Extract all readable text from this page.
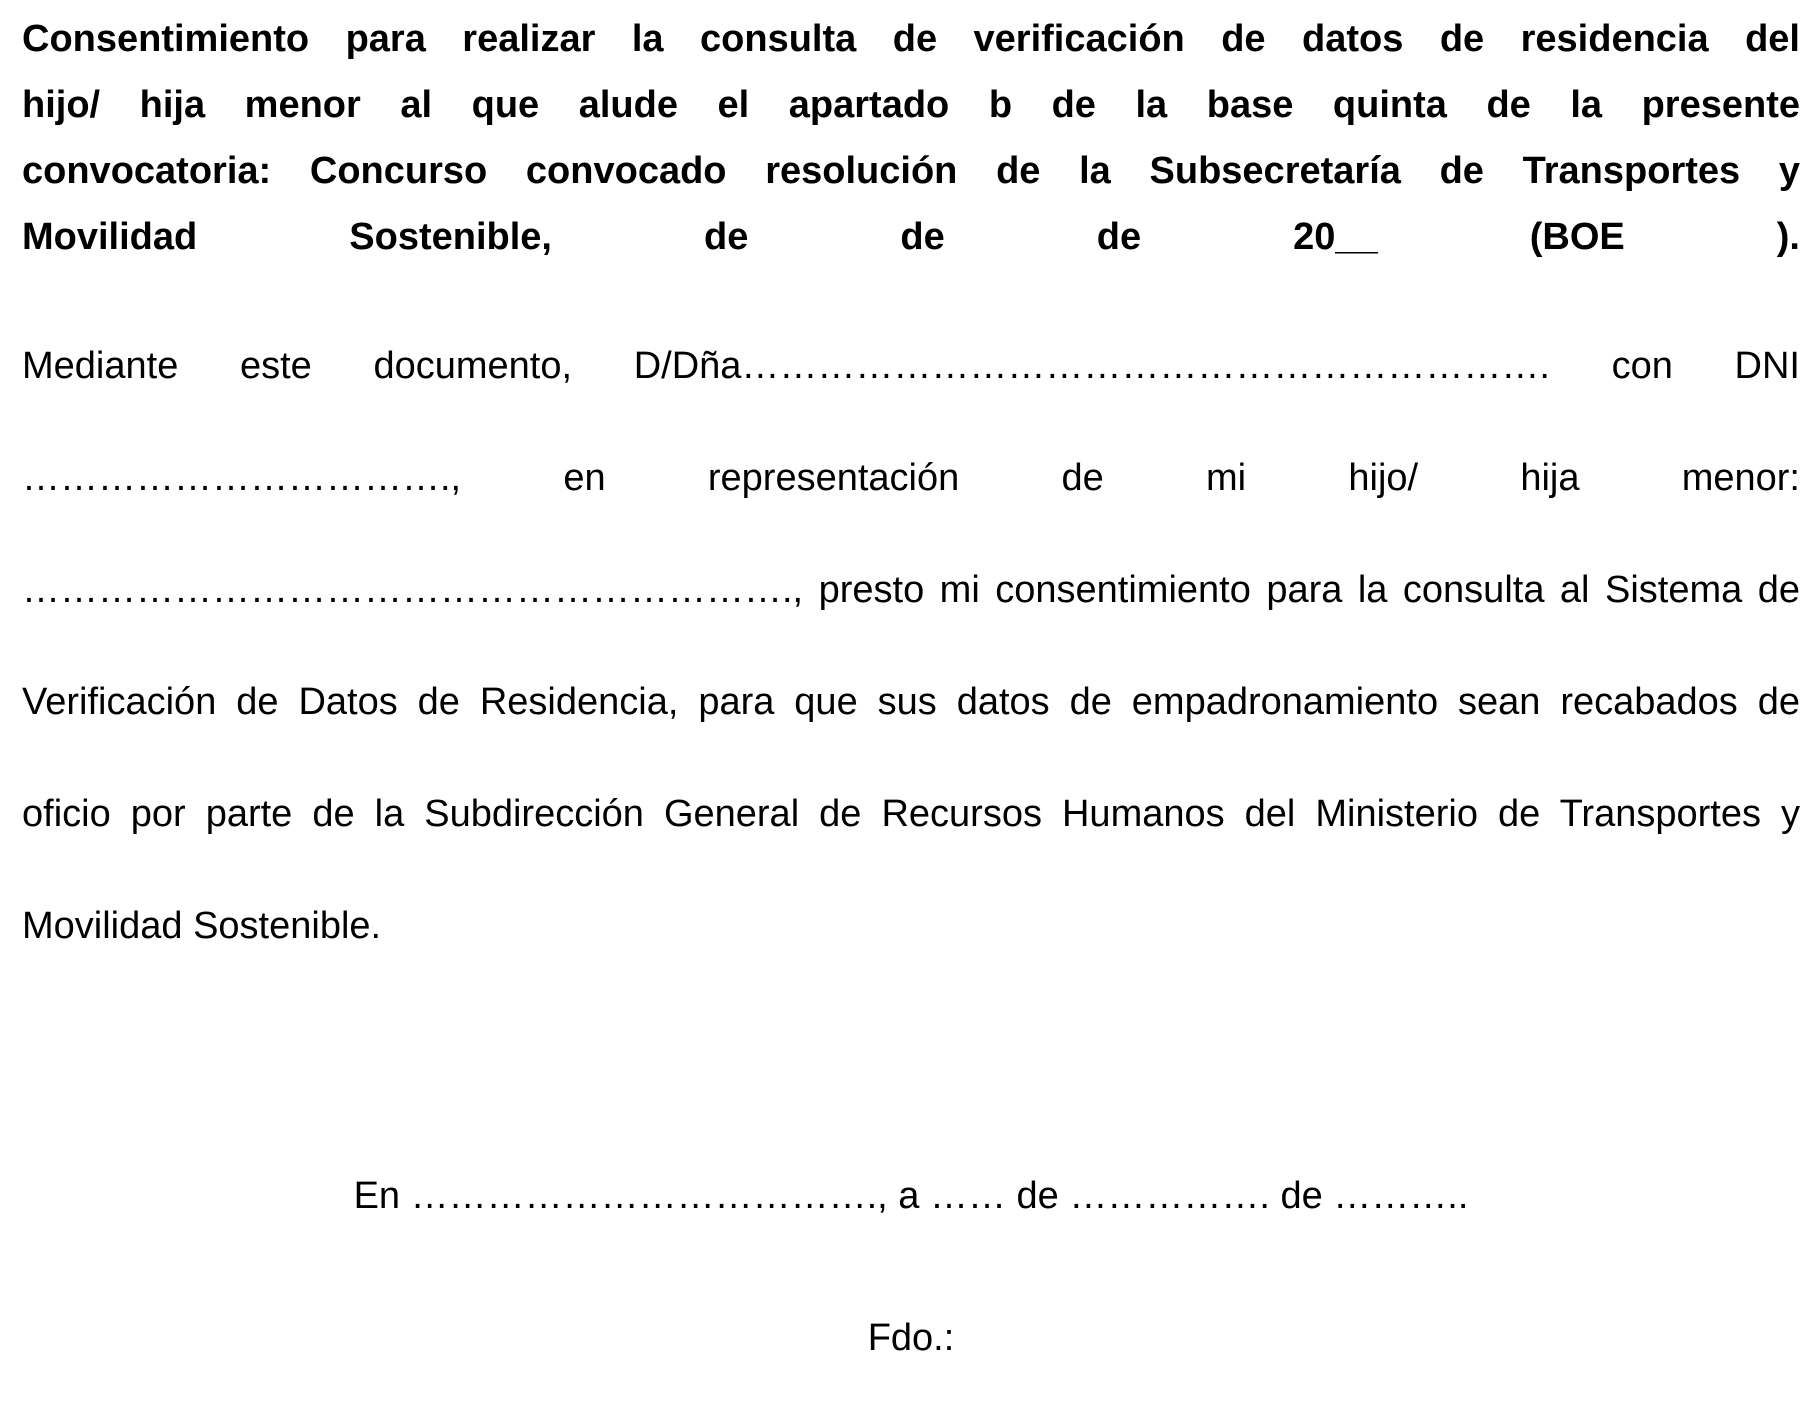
Consentimiento para realizar la consulta de verificación de datos de residencia del
hijo/ hija menor al que alude el apartado b de la base quinta de la presente
convocatoria: Concurso convocado resolución de la Subsecretaría de Transportes y
Movilidad Sostenible, de de de 20__ (BOE ).
Mediante este documento, D/Dña………………………………………………………. con DNI
……………………………., en representación de mi hijo/ hija menor:
……………………………………………………., presto mi consentimiento para la consulta al Sistema de
Verificación de Datos de Residencia, para que sus datos de empadronamiento sean recabados de
oficio por parte de la Subdirección General de Recursos Humanos del Ministerio de Transportes y
Movilidad Sostenible.
En ………………………………., a …… de ……………. de ………..
Fdo.:
